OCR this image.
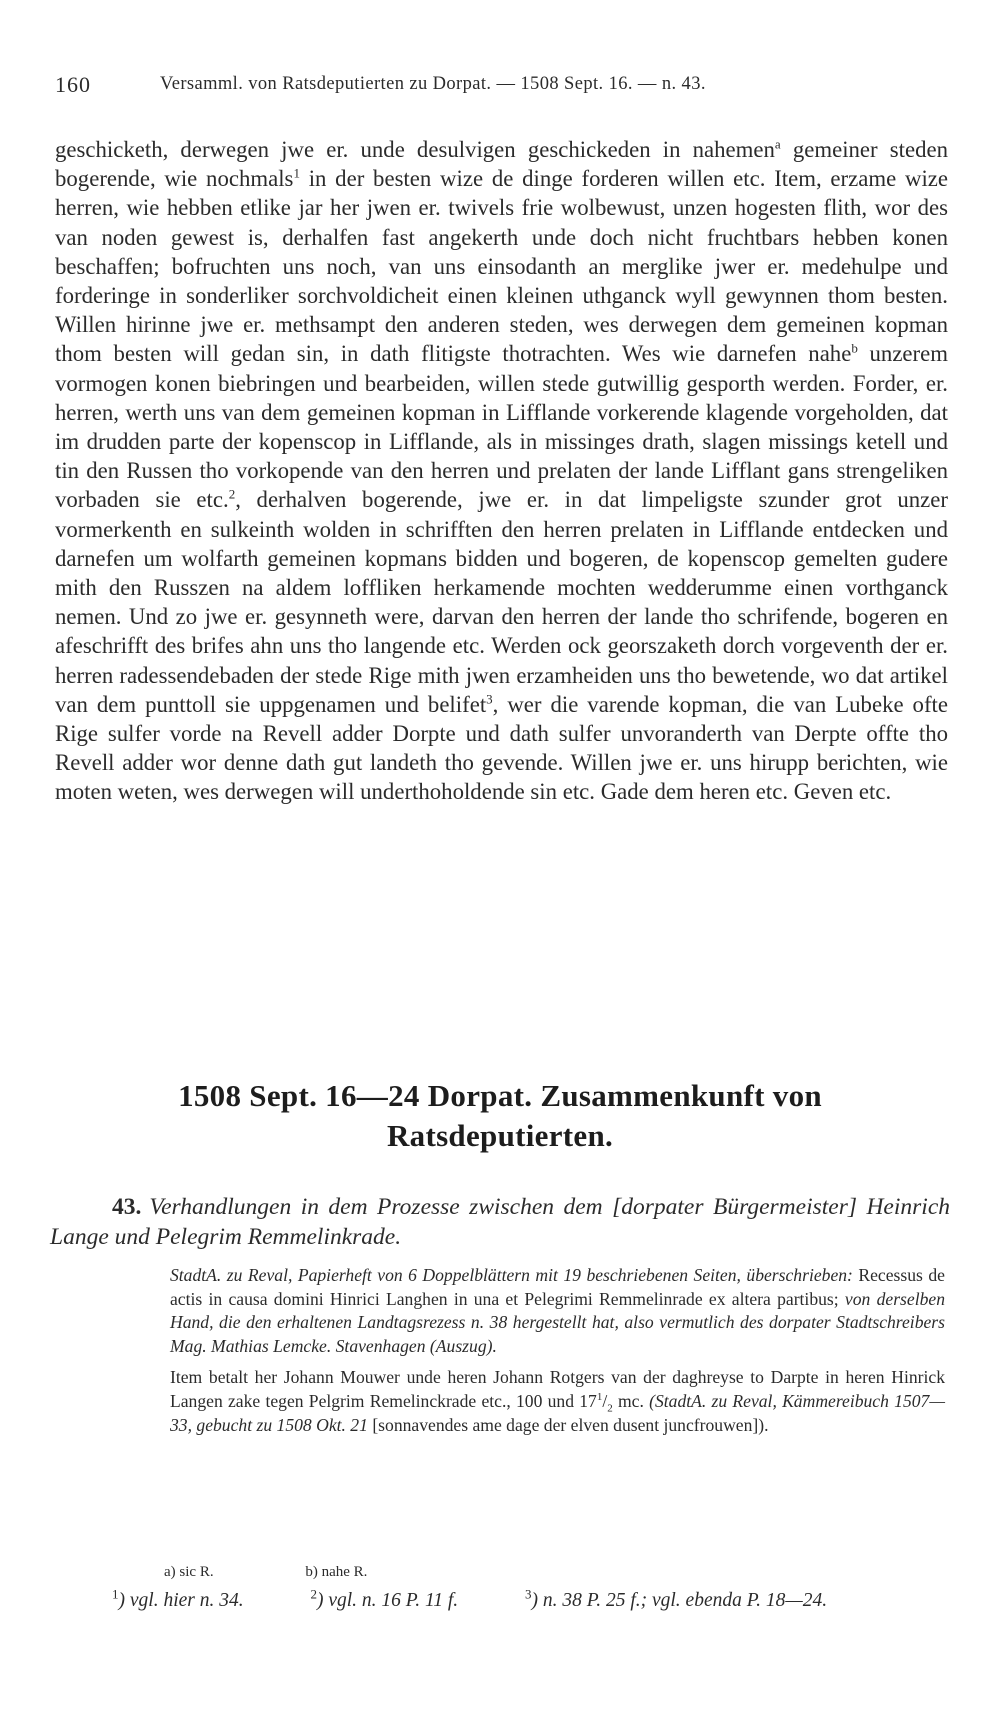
160	Versamml. von Ratsdeputierten zu Dorpat. — 1508 Sept. 16. — n. 43.

geschicketh, derwegen jwe er. unde desulvigen geschickeden in nahemen$^a$ gemeiner steden bogerende, wie nochmals$^1$ in der besten wize de dinge forderen willen etc. Item, erzame wize herren, wie hebben etlike jar her jwen er. twivels frie wolbewust, unzen hogesten flith, wor des van noden gewest is, derhalfen fast angekerth unde doch nicht fruchtbars hebben konen beschaffen; bofruchten uns noch, van uns einsodanth an merglike jwer er. medehulpe und forderinge in sonderliker sorchvoldicheit einen kleinen uthganck wyll gewynnen thom besten. Willen hirinne jwe er. methsampt den anderen steden, wes derwegen dem gemeinen kopman thom besten will gedan sin, in dath flitigste thotrachten. Wes wie darnefen nahe$^b$ unzerem vormogen konen biebringen und bearbeiden, willen stede gutwillig gesporth werden. Forder, er. herren, werth uns van dem gemeinen kopman in Lifflande vorkerende klagende vorgeholden, dat im drudden parte der kopenscop in Lifflande, als in missinges drath, slagen missings ketell und tin den Russen tho vorkopende van den herren und prelaten der lande Lifflant gans strengeliken vorbaden sie etc.$^2$, derhalven bogerende, jwe er. in dat limpeligste szunder grot unzer vormerkenth en sulkeinth wolden in schrifften den herren prelaten in Lifflande entdecken und darnefen um wolfarth gemeinen kopmans bidden und bogeren, de kopenscop gemelten gudere mith den Russzen na aldem loffliken herkamende mochten wedderumme einen vorthganck nemen. Und zo jwe er. gesynneth were, darvan den herren der lande tho schrifende, bogeren en afeschrifft des brifes ahn uns tho langende etc. Werden ock georszaketh dorch vorgeventh der er. herren radessendebaden der stede Rige mith jwen erzamheiden uns tho bewetende, wo dat artikel van dem punttoll sie uppgenamen und belifet$^3$, wer die varende kopman, die van Lubeke ofte Rige sulfer vorde na Revell adder Dorpte und dath sulfer unvoranderth van Derpte offte tho Revell adder wor denne dath gut landeth tho gevende. Willen jwe er. uns hirupp berichten, wie moten weten, wes derwegen will underthoholdende sin etc. Gade dem heren etc. Geven etc.

1508 Sept. 16—24 Dorpat. Zusammenkunft von Ratsdeputierten.
43. Verhandlungen in dem Prozesse zwischen dem [dorpater Bürgermeister] Heinrich Lange und Pelegrim Remmelinkrade.

StadtA. zu Reval, Papierheft von 6 Doppelblättern mit 19 beschriebenen Seiten, überschrieben: Recessus de actis in causa domini Hinrici Langhen in una et Pelegrimi Remmelinrade ex altera partibus; von derselben Hand, die den erhaltenen Landtagsrezess n. 38 hergestellt hat, also vermutlich des dorpater Stadtschreibers Mag. Mathias Lemcke. Stavenhagen (Auszug).

Item betalt her Johann Mouwer unde heren Johann Rotgers van der daghreyse to Darpte in heren Hinrick Langen zake tegen Pelgrim Remelinckrade etc., 100 und $17^1/_2$ mc. (StadtA. zu Reval, Kämmereibuch 1507—33, gebucht zu 1508 Okt. 21 [sonnavendes ame dage der elven dusent juncfrouwen]).

a) sic R.	b) nahe R.
$^1$) vgl. hier n. 34.	$^2$) vgl. n. 16 P. 11 f.	$^3$) n. 38 P. 25 f.; vgl. ebenda P. 18—24.
